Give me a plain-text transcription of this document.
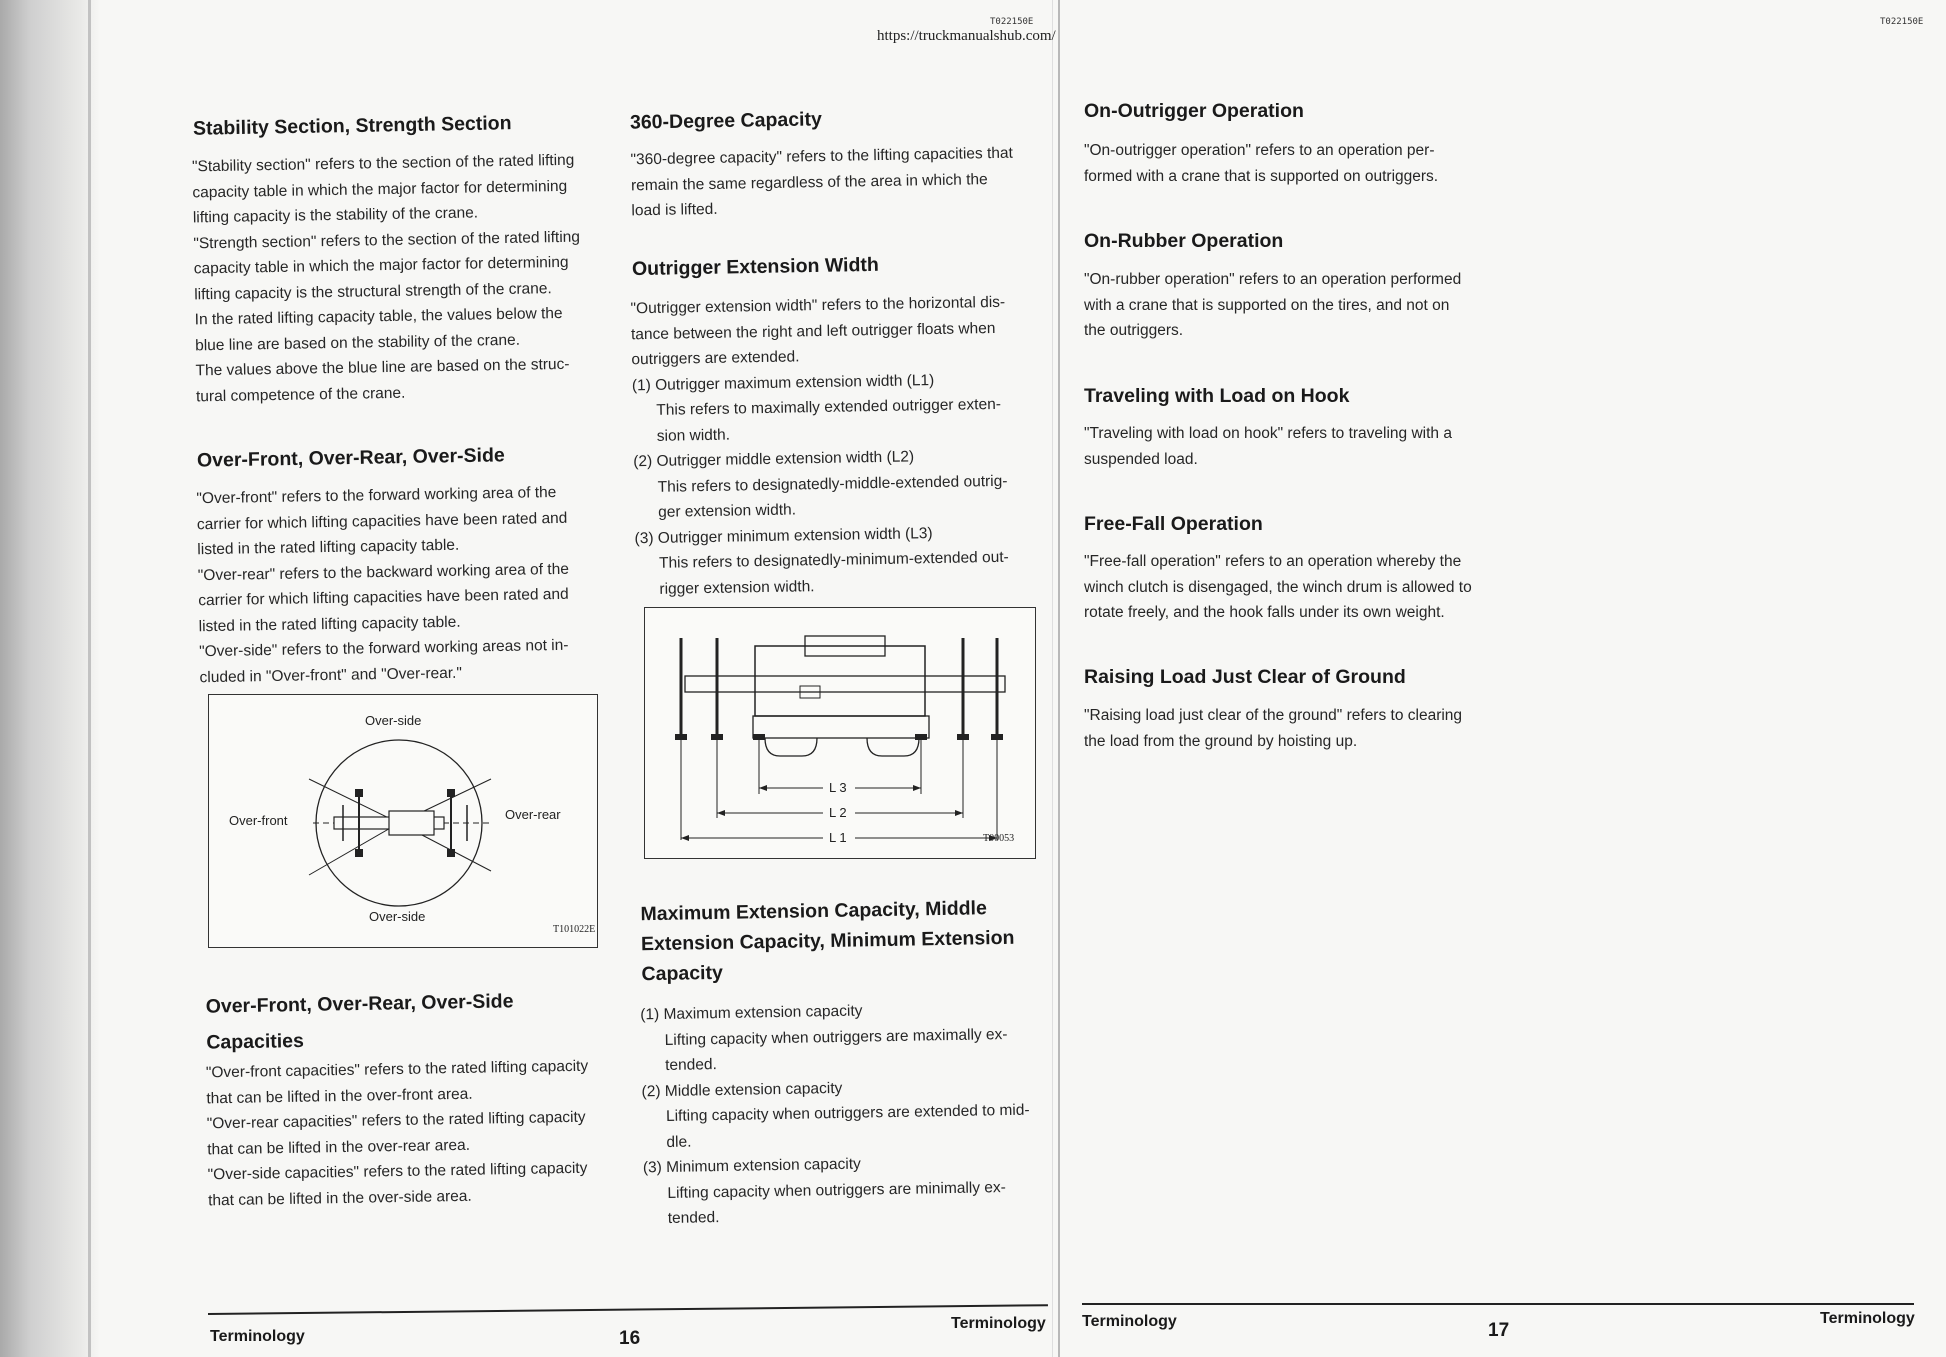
T022150E	T022150E
https://truckmanualshub.com/
Stability Section, Strength Section

"Stability section" refers to the section of the rated lifting

capacity table in which the major factor for determining

lifting capacity is the stability of the crane.

"Strength section" refers to the section of the rated lifting

capacity table in which the major factor for determining

lifting capacity is the structural strength of the crane.

In the rated lifting capacity table, the values below the

blue line are based on the stability of the crane.

The values above the blue line are based on the struc-

tural competence of the crane.

Over-Front, Over-Rear, Over-Side

"Over-front" refers to the forward working area of the

carrier for which lifting capacities have been rated and

listed in the rated lifting capacity table.

"Over-rear" refers to the backward working area of the

carrier for which lifting capacities have been rated and

listed in the rated lifting capacity table.

"Over-side" refers to the forward working areas not in-

cluded in "Over-front" and "Over-rear."

Over-side
Over-side
Over-front	Over-rear
T101022E
Over-Front, Over-Rear, Over-Side
Capacities

"Over-front capacities" refers to the rated lifting capacity

that can be lifted in the over-front area.

"Over-rear capacities" refers to the rated lifting capacity

that can be lifted in the over-rear area.

"Over-side capacities" refers to the rated lifting capacity

that can be lifted in the over-side area.

360-Degree Capacity

"360-degree capacity" refers to the lifting capacities that

remain the same regardless of the area in which the

load is lifted.

Outrigger Extension Width

"Outrigger extension width" refers to the horizontal dis-

tance between the right and left outrigger floats when

outriggers are extended.

(1) Outrigger maximum extension width (L1)

This refers to maximally extended outrigger exten-

sion width.

(2) Outrigger middle extension width (L2)

This refers to designatedly-middle-extended outrig-

ger extension width.

(3) Outrigger minimum extension width (L3)

This refers to designatedly-minimum-extended out-

rigger extension width.

L 3
L 2
L 1	T00053
Maximum Extension Capacity, Middle
Extension Capacity, Minimum Extension
Capacity

(1) Maximum extension capacity

Lifting capacity when outriggers are maximally ex-

tended.

(2) Middle extension capacity

Lifting capacity when outriggers are extended to mid-

dle.

(3) Minimum extension capacity

Lifting capacity when outriggers are minimally ex-

tended.

Terminology	16
Terminology
On-Outrigger Operation

"On-outrigger operation" refers to an operation per-

formed with a crane that is supported on outriggers.

On-Rubber Operation

"On-rubber operation" refers to an operation performed

with a crane that is supported on the tires, and not on

the outriggers.

Traveling with Load on Hook

"Traveling with load on hook" refers to traveling with a

suspended load.

Free-Fall Operation

"Free-fall operation" refers to an operation whereby the

winch clutch is disengaged, the winch drum is allowed to

rotate freely, and the hook falls under its own weight.

Raising Load Just Clear of Ground

"Raising load just clear of the ground" refers to clearing

the load from the ground by hoisting up.

Terminology	17
Terminology
